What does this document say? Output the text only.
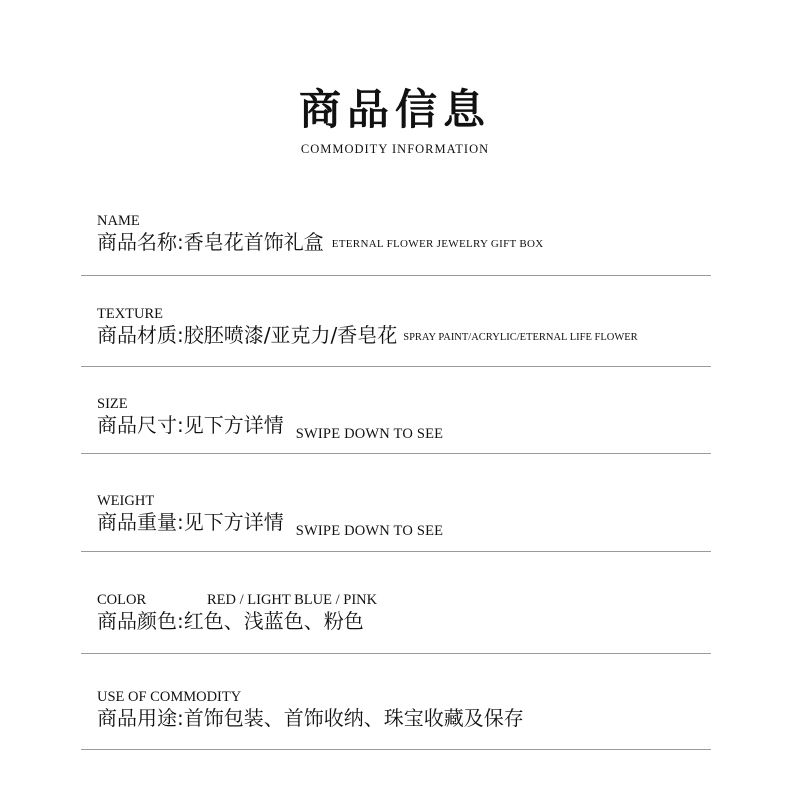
商品信息
COMMODITY INFORMATION
NAME
商品名称:香皂花首饰礼盒 ETERNAL FLOWER JEWELRY GIFT BOX
TEXTURE
商品材质:胶胚喷漆/亚克力/香皂花 SPRAY PAINT/ACRYLIC/ETERNAL LIFE FLOWER
SIZE
商品尺寸:见下方详情 $_{SWIPE DOWN TO SEE}$
WEIGHT
商品重量:见下方详情 $_{SWIPE DOWN TO SEE}$
COLOR	RED / LIGHT BLUE / PINK
商品颜色:红色、浅蓝色、粉色
USE OF COMMODITY
商品用途:首饰包装、首饰收纳、珠宝收藏及保存
